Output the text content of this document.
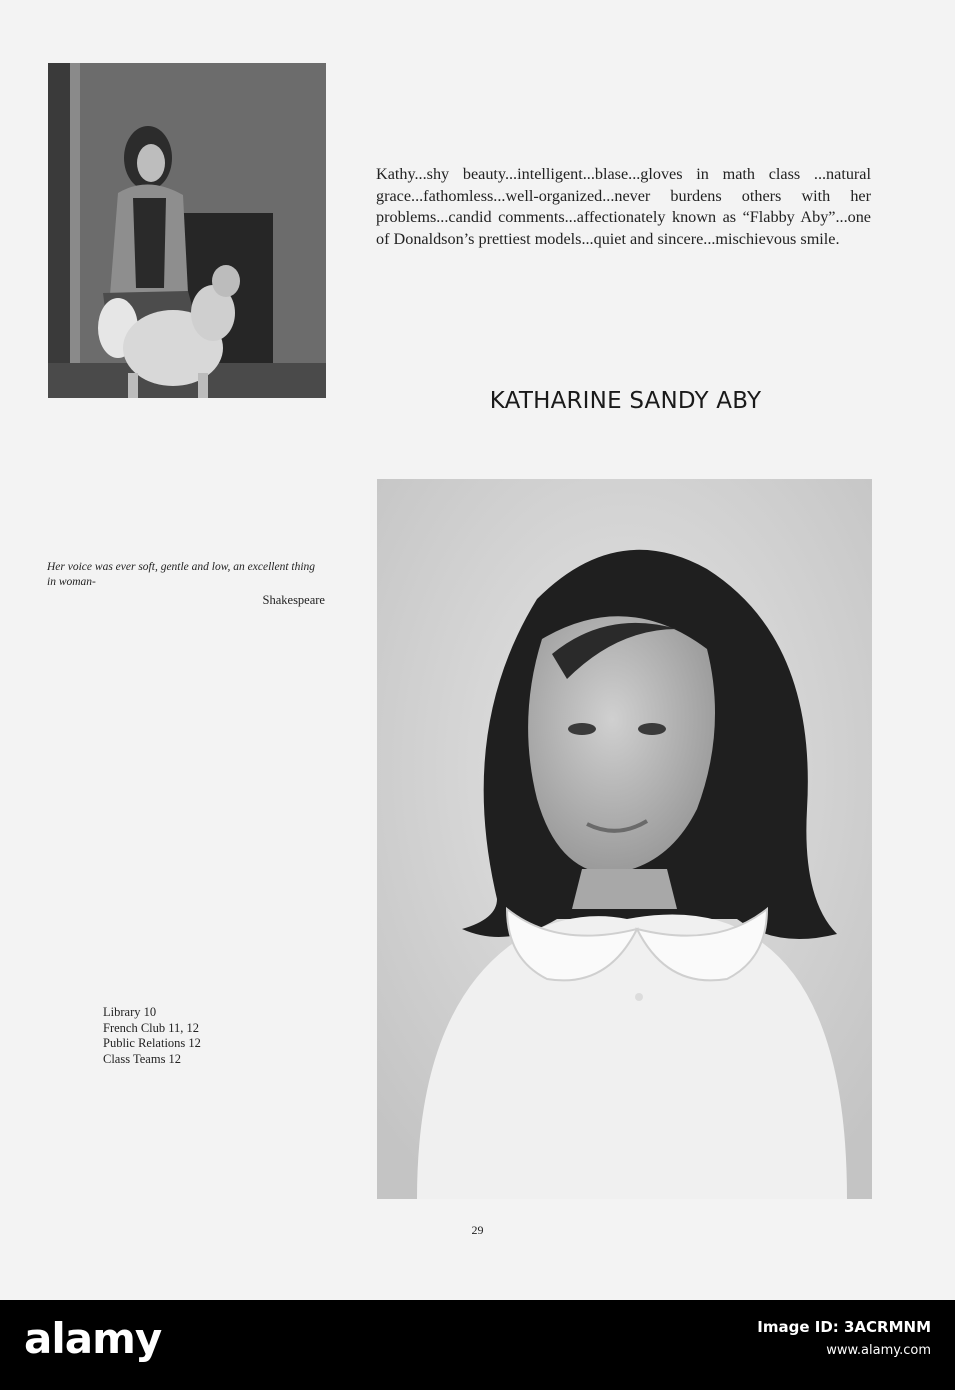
Kathy...shy beauty...intelligent...blase...gloves in math class ...natural grace...fathomless...well-organized...never burdens others with her problems...candid comments...affectionately known as “Flabby Aby”...one of Donaldson’s prettiest models...quiet and sincere...mischievous smile.

KATHARINE SANDY ABY

Her voice was ever soft, gentle and low, an excellent thing in woman-

Shakespeare
Library 10
French Club 11, 12
Public Relations 12
Class Teams 12
29
alamy	Image ID: 3ACRMNM
www.alamy.com
